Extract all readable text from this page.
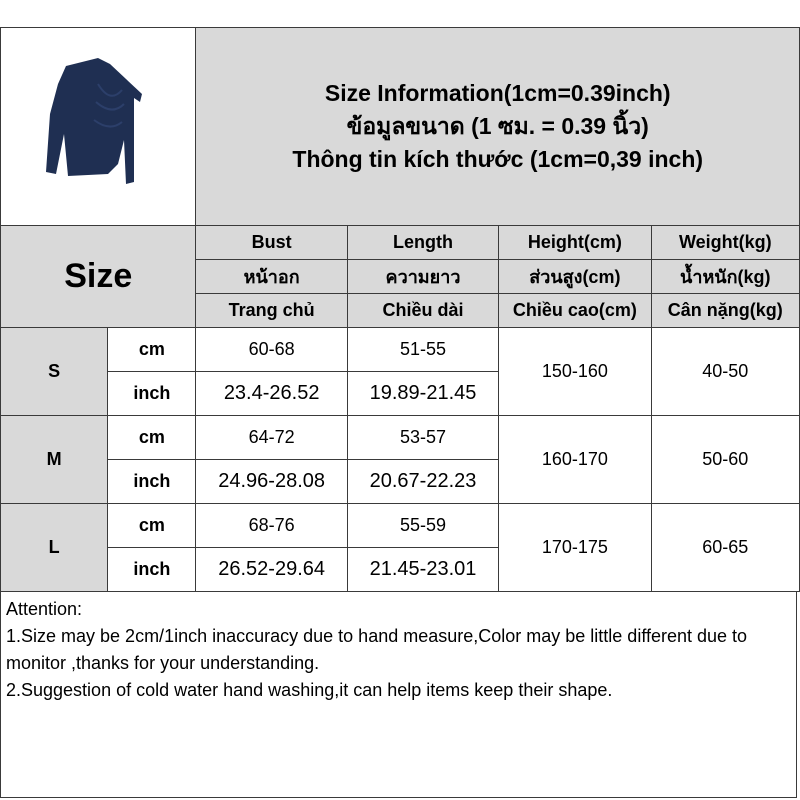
Size Information(1cm=0.39inch)
ข้อมูลขนาด (1 ซม. = 0.39 นิ้ว)
Thông tin kích thước (1cm=0,39 inch)			

Size		Bust	Length	Height(cm)	Weight(kg)
		หน้าอก	ความยาว	ส่วนสูง(cm)	น้ำหนัก(kg)
		Trang chủ	Chiều dài	Chiều cao(cm)	Cân nặng(kg)
S	cm	60-68	51-55	150-160	40-50
	inch	23.4-26.52	19.89-21.45		
M	cm	64-72	53-57	160-170	50-60
	inch	24.96-28.08	20.67-22.23		
L	cm	68-76	55-59	170-175	60-65
	inch	26.52-29.64	21.45-23.01		
Attention:
1.Size may be 2cm/1inch inaccuracy due to hand measure,Color may be little different due to monitor ,thanks for your understanding.
2.Suggestion of cold water hand washing,it can help items keep their shape.
